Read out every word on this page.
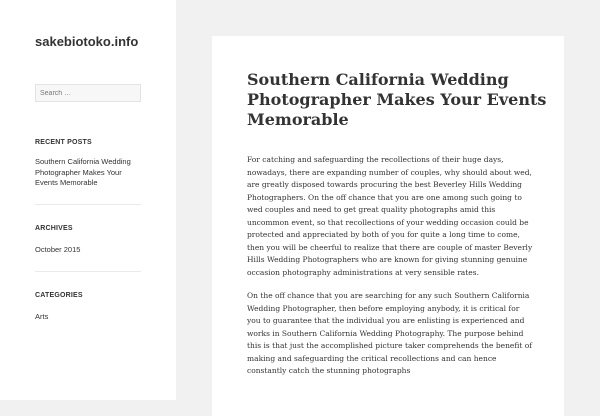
sakebiotoko.info
Search …
RECENT POSTS
Southern California Wedding Photographer Makes Your Events Memorable
ARCHIVES
October 2015
CATEGORIES
Arts
Southern California Wedding Photographer Makes Your Events Memorable

For catching and safeguarding the recollections of their huge days, nowadays, there are expanding number of couples, why should about wed, are greatly disposed towards procuring the best Beverley Hills Wedding Photographers. On the off chance that you are one among such going to wed couples and need to get great quality photographs amid this uncommon event, so that recollections of your wedding occasion could be protected and appreciated by both of you for quite a long time to come, then you will be cheerful to realize that there are couple of master Beverly Hills Wedding Photographers who are known for giving stunning genuine occasion photography administrations at very sensible rates.

On the off chance that you are searching for any such Southern California Wedding Photographer, then before employing anybody, it is critical for you to guarantee that the individual you are enlisting is experienced and works in Southern California Wedding Photography. The purpose behind this is that just the accomplished picture taker comprehends the benefit of making and safeguarding the critical recollections and can hence constantly catch the stunning photographs
